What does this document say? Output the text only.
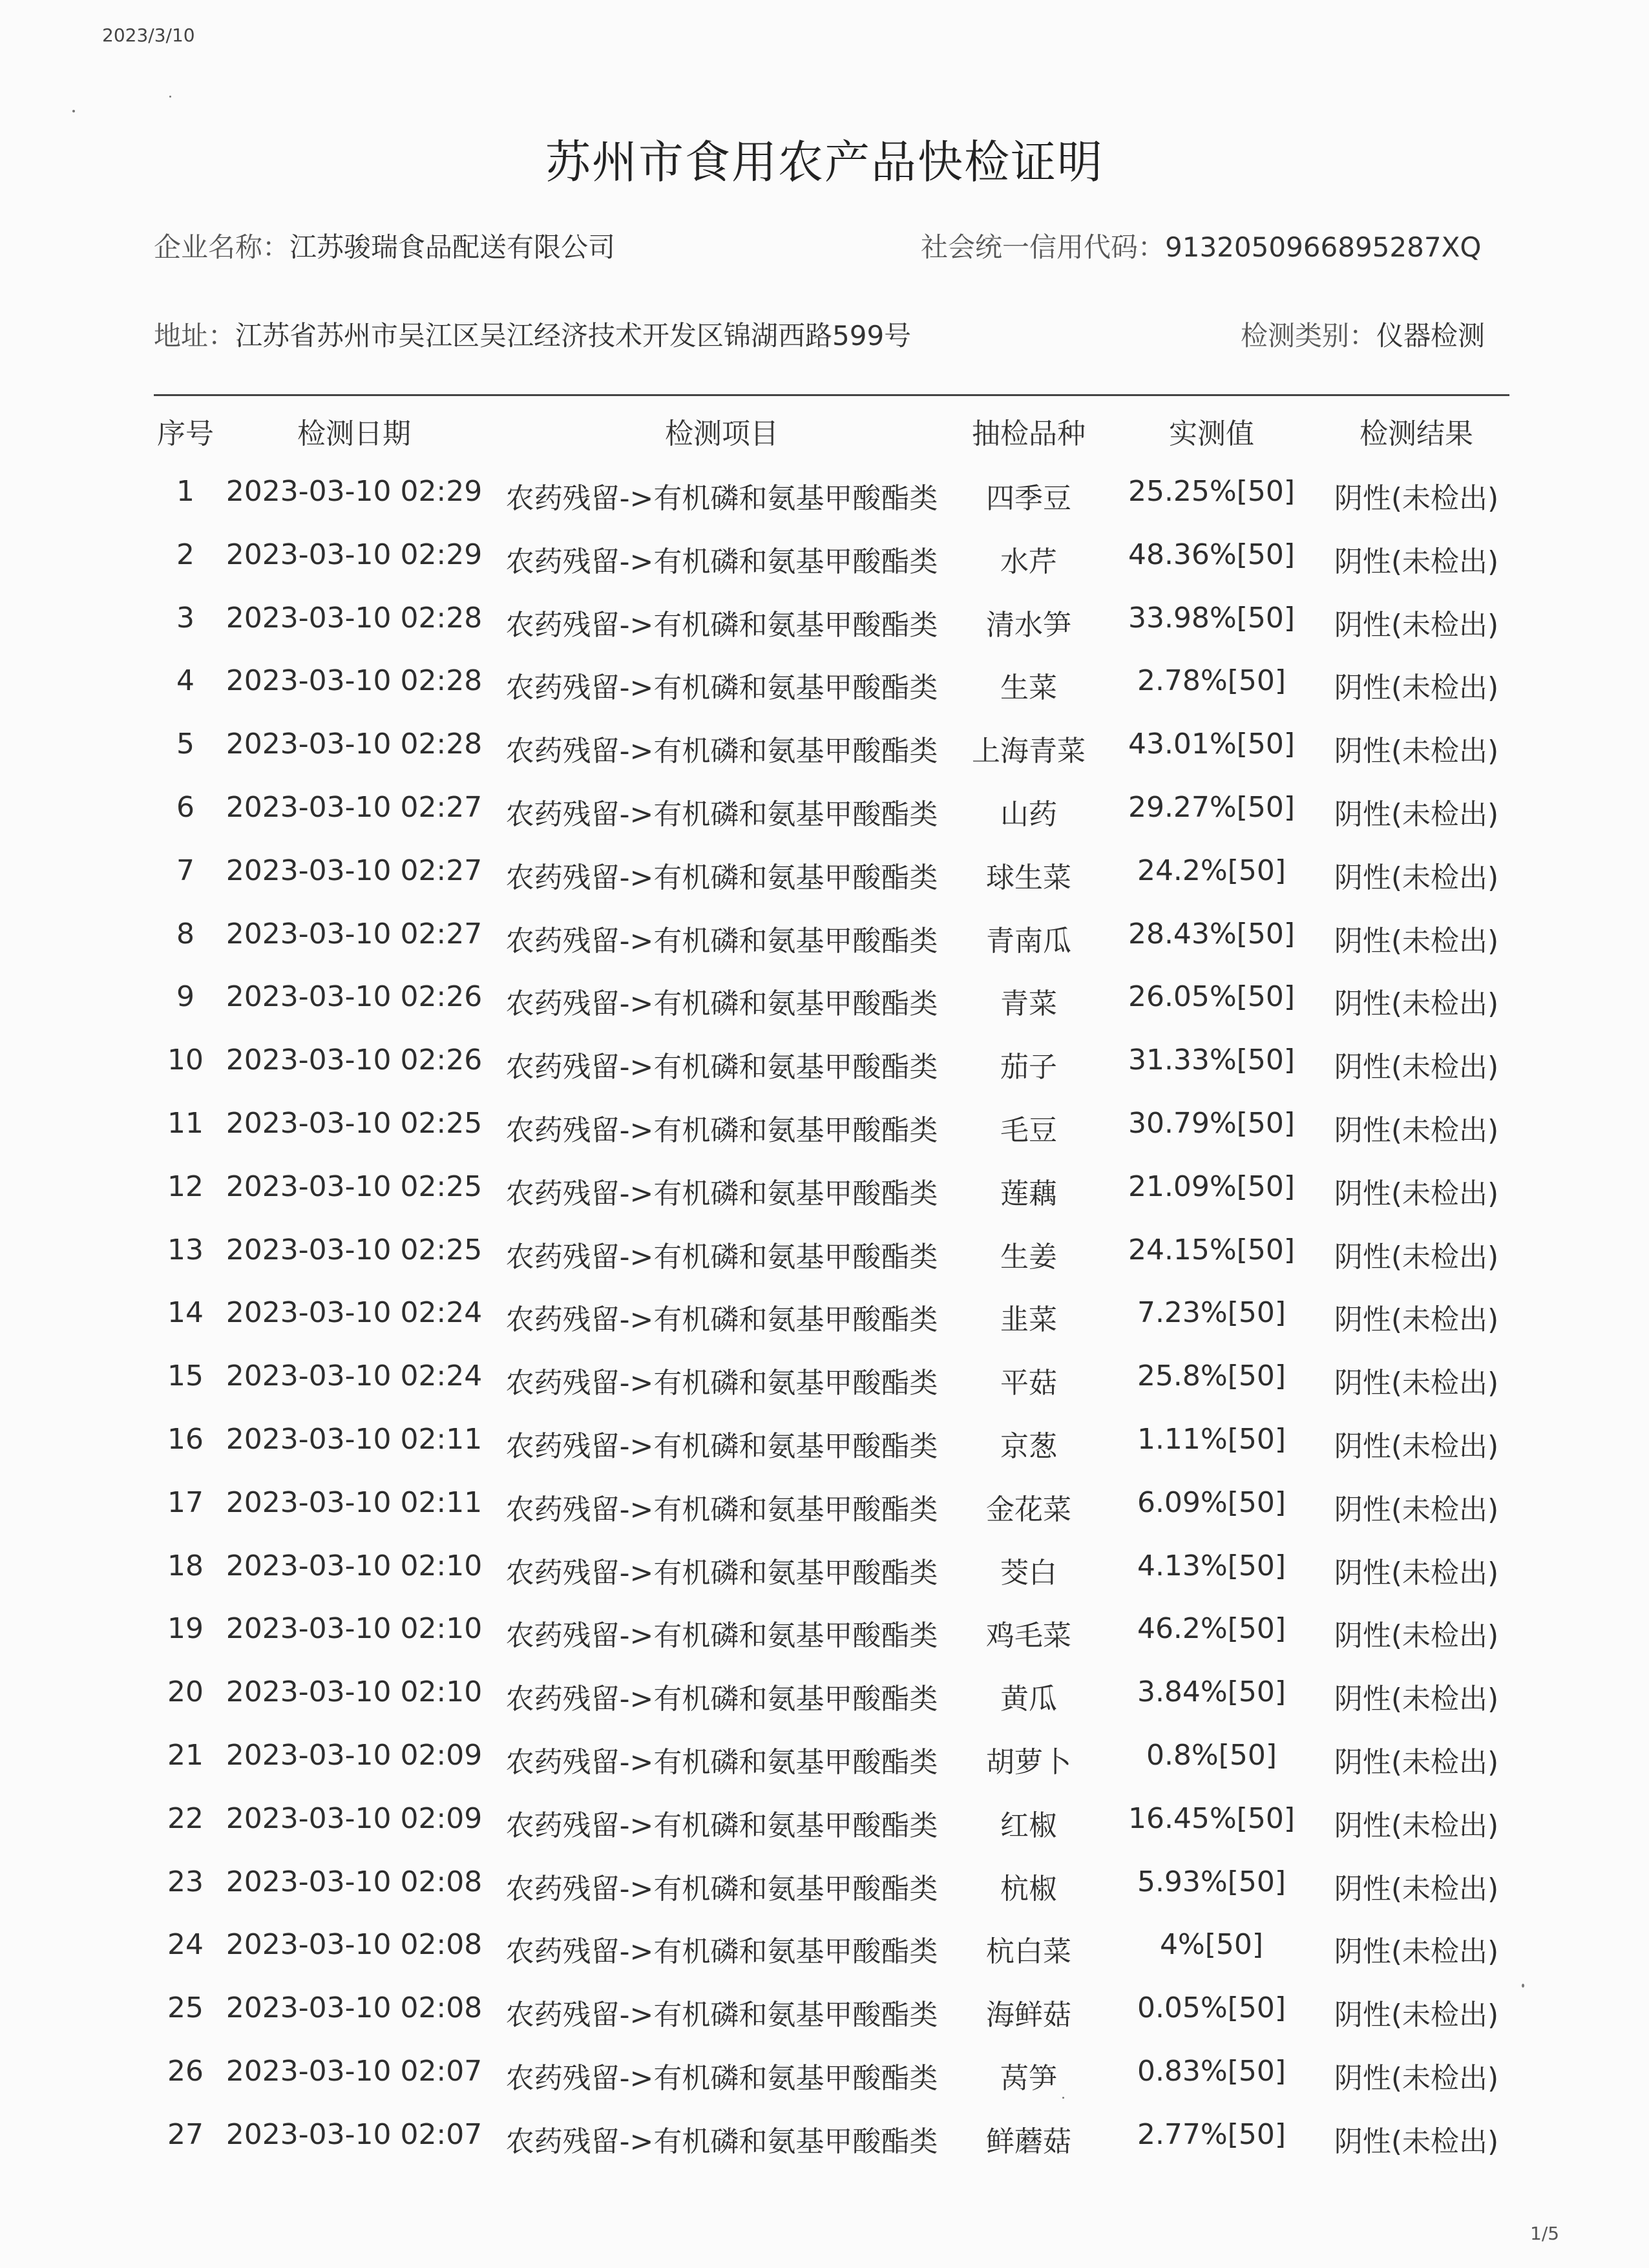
2023/3/10
苏州市食用农产品快检证明
企业名称：江苏骏瑞食品配送有限公司	社会统一信用代码：9132050966895287XQ
地址：江苏省苏州市吴江区吴江经济技术开发区锦湖西路599号	检测类别：仪器检测
序号	检测日期	检测项目	抽检品种	实测值	检测结果
1 2023-03-10 02:29 农药残留->有机磷和氨基甲酸酯类 四季豆 25.25%[50] 阴性(未检出)
2 2023-03-10 02:29 农药残留->有机磷和氨基甲酸酯类 水芹 48.36%[50] 阴性(未检出)
3 2023-03-10 02:28 农药残留->有机磷和氨基甲酸酯类 清水笋 33.98%[50] 阴性(未检出)
4 2023-03-10 02:28 农药残留->有机磷和氨基甲酸酯类 生菜	2.78%[50] 阴性(未检出)
5 2023-03-10 02:28 农药残留->有机磷和氨基甲酸酯类 上海青菜 43.01%[50] 阴性(未检出)
6 2023-03-10 02:27 农药残留->有机磷和氨基甲酸酯类 山药 29.27%[50] 阴性(未检出)
7 2023-03-10 02:27 农药残留->有机磷和氨基甲酸酯类 球生菜 24.2%[50] 阴性(未检出)
8 2023-03-10 02:27 农药残留->有机磷和氨基甲酸酯类 青南瓜 28.43%[50] 阴性(未检出)
9 2023-03-10 02:26 农药残留->有机磷和氨基甲酸酯类 青菜 26.05%[50] 阴性(未检出)
10 2023-03-10 02:26 农药残留->有机磷和氨基甲酸酯类 茄子 31.33%[50] 阴性(未检出)
11 2023-03-10 02:25 农药残留->有机磷和氨基甲酸酯类 毛豆 30.79%[50] 阴性(未检出)
12 2023-03-10 02:25 农药残留->有机磷和氨基甲酸酯类 莲藕 21.09%[50] 阴性(未检出)
13 2023-03-10 02:25 农药残留->有机磷和氨基甲酸酯类 生姜 24.15%[50] 阴性(未检出)
14 2023-03-10 02:24 农药残留->有机磷和氨基甲酸酯类 韭菜	7.23%[50] 阴性(未检出)
15 2023-03-10 02:24 农药残留->有机磷和氨基甲酸酯类 平菇	25.8%[50] 阴性(未检出)
16 2023-03-10 02:11 农药残留->有机磷和氨基甲酸酯类 京葱	1.11%[50] 阴性(未检出)
17 2023-03-10 02:11 农药残留->有机磷和氨基甲酸酯类 金花菜 6.09%[50] 阴性(未检出)
18 2023-03-10 02:10 农药残留->有机磷和氨基甲酸酯类 茭白	4.13%[50] 阴性(未检出)
19 2023-03-10 02:10 农药残留->有机磷和氨基甲酸酯类 鸡毛菜 46.2%[50] 阴性(未检出)
20 2023-03-10 02:10 农药残留->有机磷和氨基甲酸酯类 黄瓜	3.84%[50] 阴性(未检出)
21 2023-03-10 02:09 农药残留->有机磷和氨基甲酸酯类 胡萝卜	0.8%[50] 阴性(未检出)
22 2023-03-10 02:09 农药残留->有机磷和氨基甲酸酯类 红椒 16.45%[50] 阴性(未检出)
23 2023-03-10 02:08 农药残留->有机磷和氨基甲酸酯类 杭椒	5.93%[50] 阴性(未检出)
24 2023-03-10 02:08 农药残留->有机磷和氨基甲酸酯类 杭白菜	4%[50] 阴性(未检出)
25 2023-03-10 02:08 农药残留->有机磷和氨基甲酸酯类 海鲜菇 0.05%[50] 阴性(未检出)
26 2023-03-10 02:07 农药残留->有机磷和氨基甲酸酯类 莴笋	0.83%[50] 阴性(未检出)
27 2023-03-10 02:07 农药残留->有机磷和氨基甲酸酯类 鲜蘑菇 2.77%[50] 阴性(未检出)
1/5
